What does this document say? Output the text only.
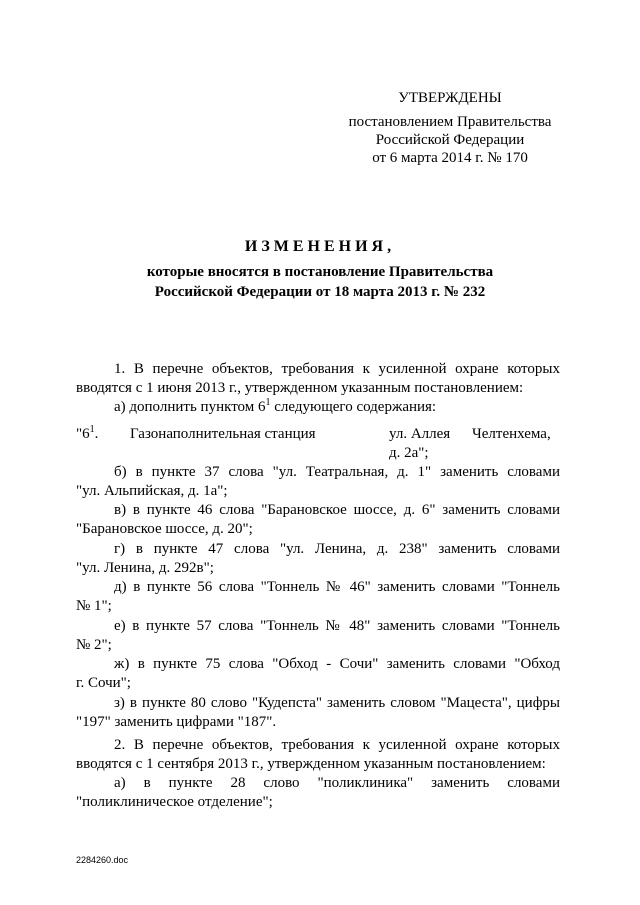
УТВЕРЖДЕНЫ
постановлением Правительства
Российской Федерации
от 6 марта 2014 г. № 170
ИЗМЕНЕНИЯ,
которые вносятся в постановление Правительства
Российской Федерации от 18 марта 2013 г. № 232
1. В перечне объектов, требования к усиленной охране которых
вводятся с 1 июня 2013 г., утвержденном указанным постановлением:
а) дополнить пунктом $6^1$ следующего содержания:
"$6^1$. Газонаполнительная станция	ул. Аллея Челтенхема,
д. 2а";
б) в пункте 37 слова "ул. Театральная, д. 1" заменить словами
"ул. Альпийская, д. 1а";
в) в пункте 46 слова "Барановское шоссе, д. 6" заменить словами
"Барановское шоссе, д. 20";
г) в пункте 47 слова "ул. Ленина, д. 238" заменить словами
"ул. Ленина, д. 292в";
д) в пункте 56 слова "Тоннель № 46" заменить словами "Тоннель
№ 1";
е) в пункте 57 слова "Тоннель № 48" заменить словами "Тоннель
№ 2";
ж) в пункте 75 слова "Обход - Сочи" заменить словами "Обход
г. Сочи";
з) в пункте 80 слово "Кудепста" заменить словом "Мацеста", цифры
"197" заменить цифрами "187".
2. В перечне объектов, требования к усиленной охране которых
вводятся с 1 сентября 2013 г., утвержденном указанным постановлением:
а) в пункте 28 слово "поликлиника" заменить словами
"поликлиническое отделение";
2284260.doc
